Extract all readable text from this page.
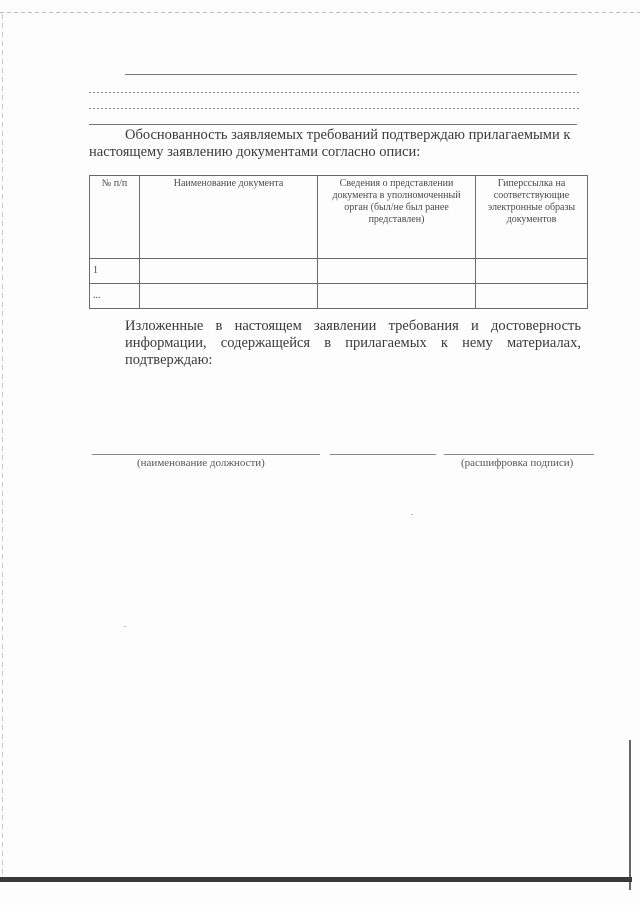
Обоснованность заявляемых требований подтверждаю прилагаемыми к настоящему заявлению документами согласно описи:

№ п/п	Наименование документа	Сведения о представлении документа в уполномоченный орган (был/не был ранее представлен)	Гиперссылка на соответствующие электронные образы документов
1			
...			

Изложенные в настоящем заявлении требования и достоверность
информации, содержащейся в прилагаемых к нему материалах,
подтверждаю:

(наименование должности)	(расшифровка подписи)
